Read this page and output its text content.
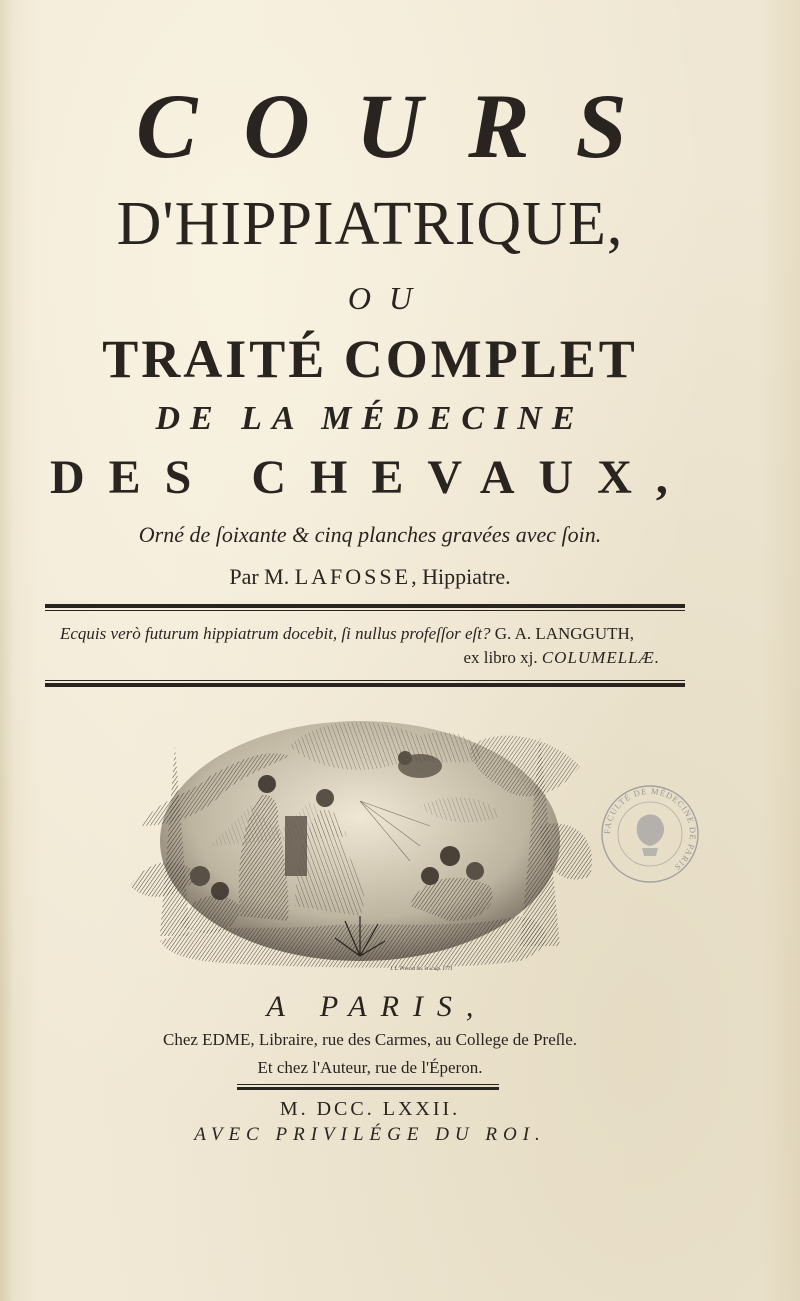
COURS
D'HIPPIATRIQUE,
OU
TRAITÉ COMPLET
DE LA MÉDECINE
DES CHEVAUX,
Orné de ſoixante & cinq planches gravées avec ſoin.
Par M. LAFOSSE, Hippiatre.
Ecquis verò futurum hippiatrum docebit, ſi nullus profeſſor eſt? G. A. LANGGUTH,
ex libro xj. COLUMELLÆ.
J. L. Prevost inv. et sculp. 1771
FACULTÉ DE MÉDECINE DE PARIS
A PARIS,
Chez EDME, Libraire, rue des Carmes, au College de Preſle.
Et chez l'Auteur, rue de l'Éperon.
M. DCC. LXXII.
AVEC PRIVILÉGE DU ROI.
